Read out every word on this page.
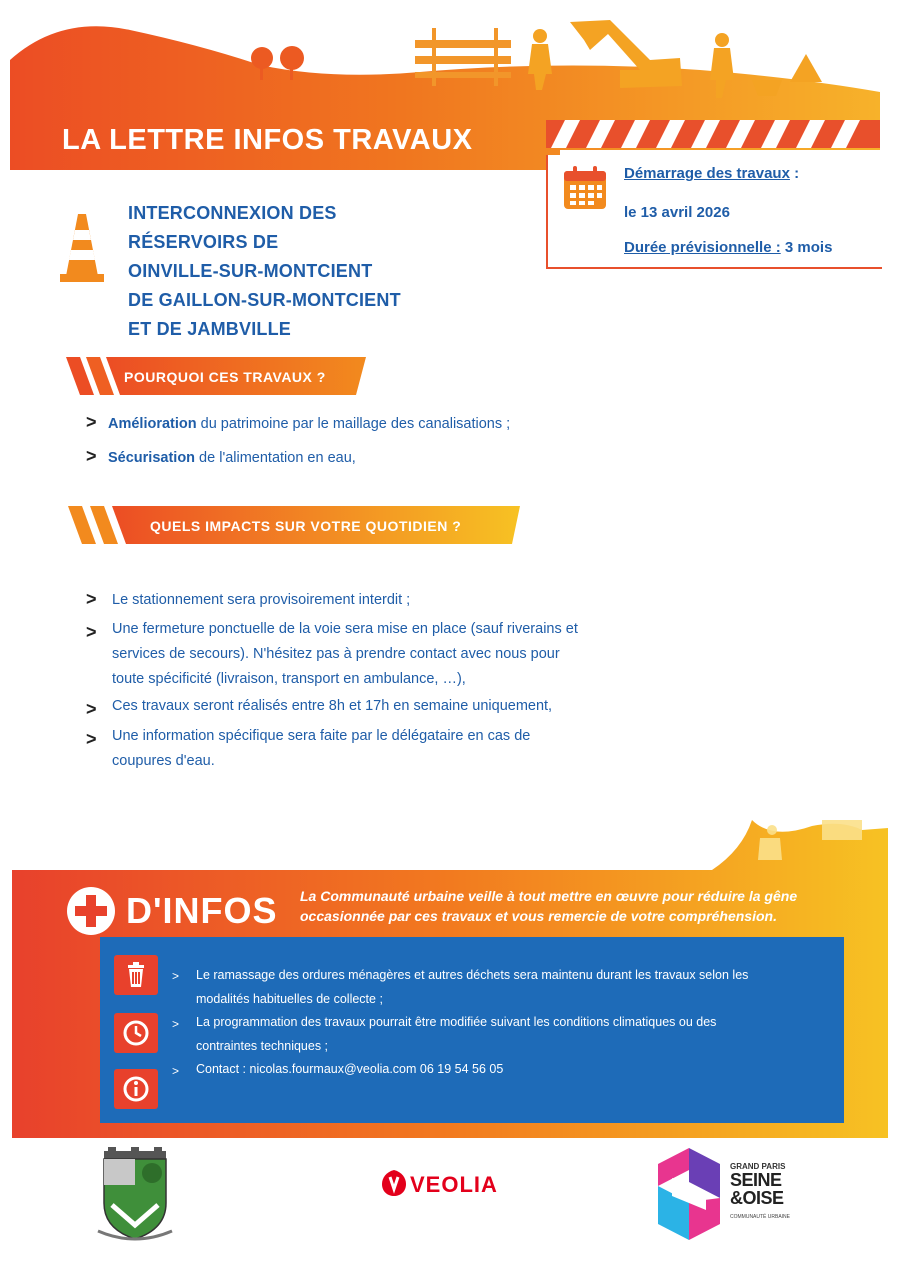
LA LETTRE INFOS TRAVAUX
Démarrage des travaux :
le 13 avril 2026
Durée prévisionnelle : 3 mois
INTERCONNEXION DES
RÉSERVOIRS DE
OINVILLE-SUR-MONTCIENT
DE GAILLON-SUR-MONTCIENT
ET DE JAMBVILLE
POURQUOI CES TRAVAUX ?
> Amélioration du patrimoine par le maillage des canalisations ;
> Sécurisation de l'alimentation en eau,
QUELS IMPACTS SUR VOTRE QUOTIDIEN ?
> Le stationnement sera provisoirement interdit ;
> Une fermeture ponctuelle de la voie sera mise en place (sauf riverains et
services de secours). N'hésitez pas à prendre contact avec nous pour
toute spécificité (livraison, transport en ambulance, …),
> Ces travaux seront réalisés entre 8h et 17h en semaine uniquement,
> Une information spécifique sera faite par le délégataire en cas de
coupures d'eau.
D'INFOS La Communauté urbaine veille à tout mettre en œuvre pour réduire la gêne occasionnée par ces travaux et vous remercie de votre compréhension.
> Le ramassage des ordures ménagères et autres déchets sera maintenu durant les travaux selon les
modalités habituelles de collecte ;
> La programmation des travaux pourrait être modifiée suivant les conditions climatiques ou des
contraintes techniques ;
> Contact : nicolas.fourmaux@veolia.com 06 19 54 56 05
VEOLIA
GRAND PARIS
SEINE
&OISE
COMMUNAUTÉ URBAINE
